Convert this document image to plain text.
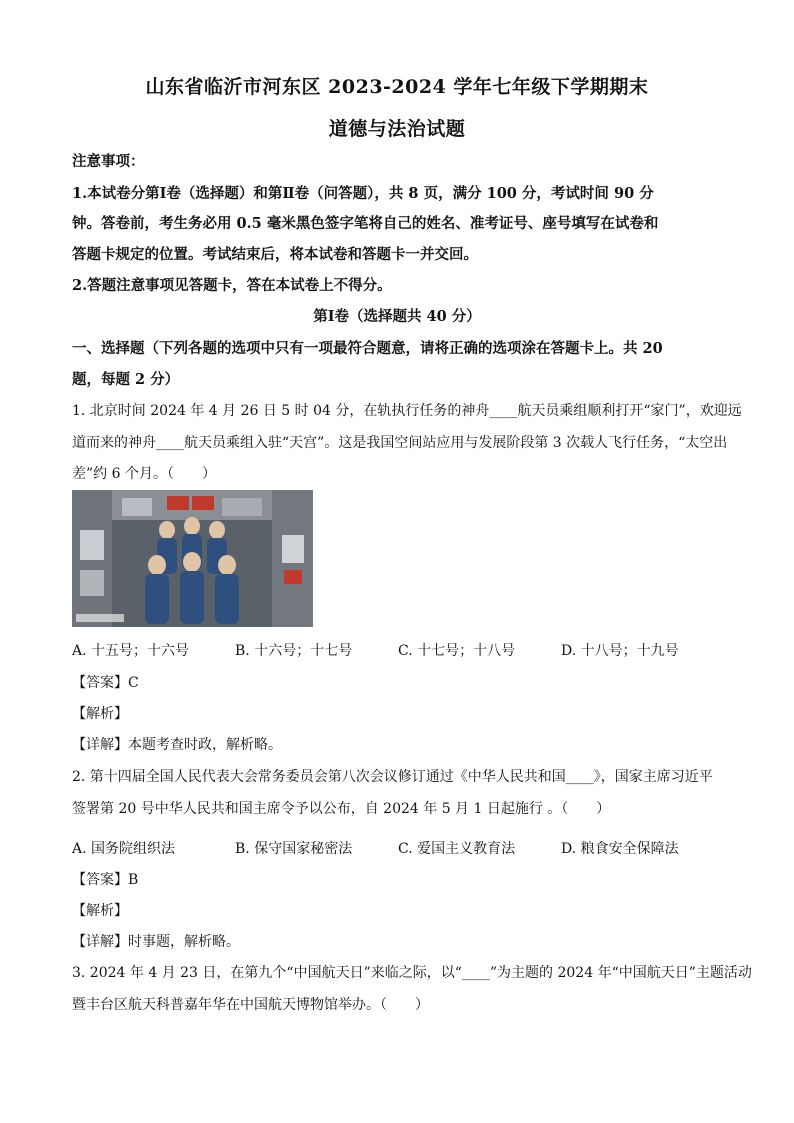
山东省临沂市河东区 2023-2024 学年七年级下学期期末
道德与法治试题
注意事项：
1.本试卷分第Ⅰ卷（选择题）和第Ⅱ卷（问答题），共 8 页，满分 100 分，考试时间 90 分
钟。答卷前，考生务必用 0.5 毫米黑色签字笔将自己的姓名、准考证号、座号填写在试卷和
答题卡规定的位置。考试结束后，将本试卷和答题卡一并交回。
2.答题注意事项见答题卡，答在本试卷上不得分。
第Ⅰ卷（选择题共 40 分）
一、选择题（下列各题的选项中只有一项最符合题意，请将正确的选项涂在答题卡上。共 20
题，每题 2 分）
1. 北京时间 2024 年 4 月 26 日 5 时 04 分，在轨执行任务的神舟____航天员乘组顺利打开“家门”，欢迎远
道而来的神舟____航天员乘组入驻“天宫”。这是我国空间站应用与发展阶段第 3 次载人飞行任务，“太空出
差”约 6 个月。（　　）
A. 十五号；十六号	B. 十六号；十七号	C. 十七号；十八号	D. 十八号；十九号
【答案】C
【解析】
【详解】本题考查时政，解析略。
2. 第十四届全国人民代表大会常务委员会第八次会议修订通过《中华人民共和国____》，国家主席习近平
签署第 20 号中华人民共和国主席令予以公布，自 2024 年 5 月 1 日起施行 。（　　）
A. 国务院组织法	B. 保守国家秘密法	C. 爱国主义教育法	D. 粮食安全保障法
【答案】B
【解析】
【详解】时事题，解析略。
3. 2024 年 4 月 23 日，在第九个“中国航天日”来临之际，以“____”为主题的 2024 年“中国航天日”主题活动
暨丰台区航天科普嘉年华在中国航天博物馆举办。（　　）
